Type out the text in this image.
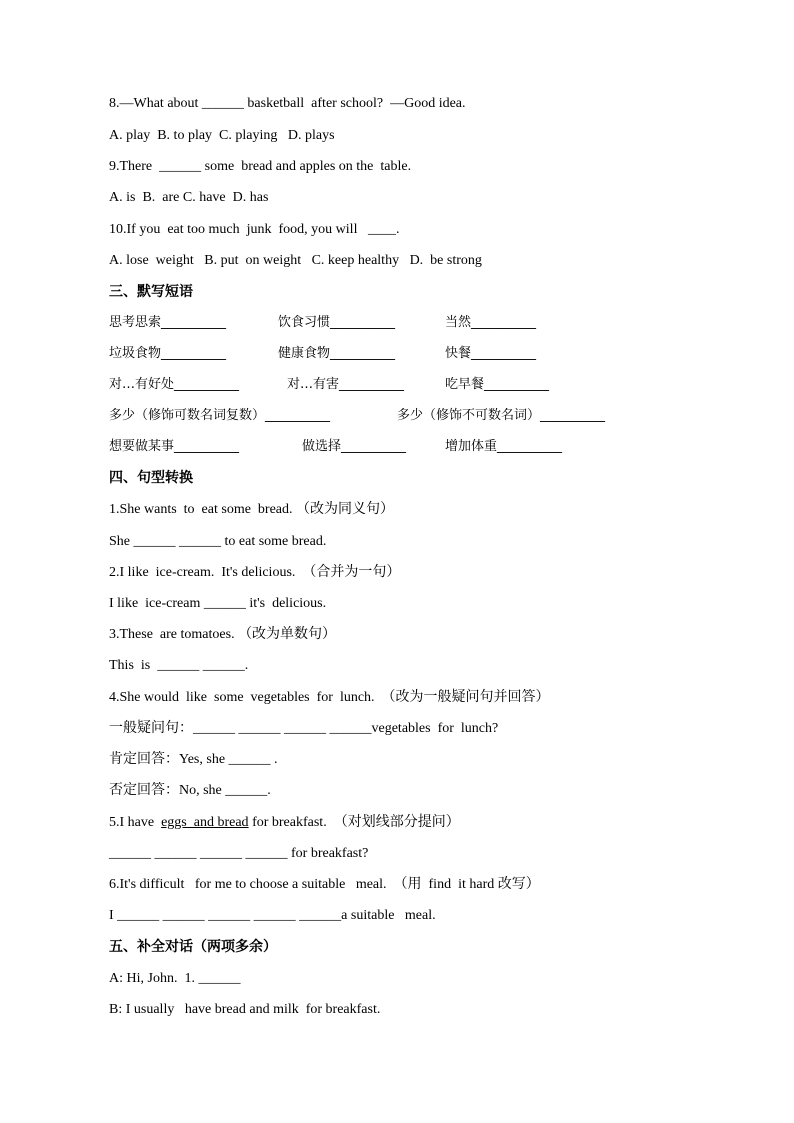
8.—What about ______ basketball  after school?  —Good idea.
A. play  B. to play  C. playing   D. plays
9.There  ______ some  bread and apples on the  table.
A. is  B.  are C. have  D. has
10.If you  eat too much  junk  food, you will   ____.
A. lose  weight   B. put  on weight   C. keep healthy   D.  be strong
三、默写短语
思考思索__________	饮食习惯__________	当然__________
垃圾食物__________	健康食物__________	快餐__________
对…有好处__________	对…有害__________	吃早餐__________
多少（修饰可数名词复数）__________	多少（修饰不可数名词）__________
想要做某事__________	做选择__________	增加体重__________
四、句型转换
1.She wants  to  eat some  bread. （改为同义句）
She ______ ______ to eat some bread.
2.I like  ice-cream.  It's delicious.  （合并为一句）
I like  ice-cream ______ it's  delicious.
3.These  are tomatoes. （改为单数句）
This  is  ______ ______.
4.She would  like  some  vegetables  for  lunch.  （改为一般疑问句并回答）
一般疑问句：______ ______ ______ ______vegetables  for  lunch?
肯定回答：Yes, she ______ .
否定回答：No, she ______.
5.I have  eggs  and bread for breakfast.  （对划线部分提问）
______ ______ ______ ______ for breakfast?
6.It's difficult   for me to choose a suitable   meal.  （用  find  it hard 改写）
I ______ ______ ______ ______ ______a suitable   meal.
五、补全对话（两项多余）
A: Hi, John.  1. ______
B: I usually   have bread and milk  for breakfast.
